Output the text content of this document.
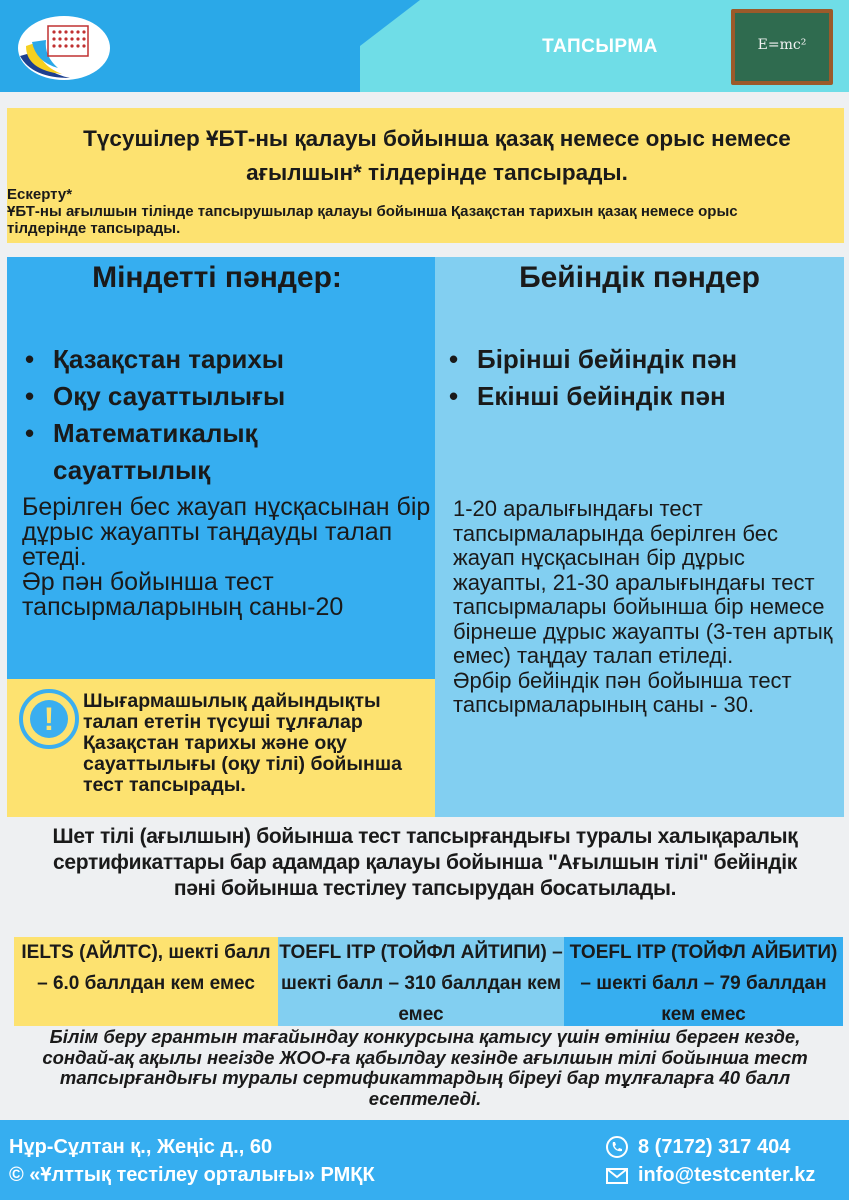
ТАПСЫРМА	E=mc²
Түсушілер ҰБТ-ны қалауы бойынша қазақ немесе орыс немесе ағылшын* тілдерінде тапсырады.
Ескерту*
ҰБТ-ны ағылшын тілінде тапсырушылар қалауы бойынша Қазақстан тарихын қазақ немесе орыс тілдерінде тапсырады.
Міндетті пәндер:
• Қазақстан тарихы
• Оқу сауаттылығы
• Математикалық сауаттылық
Берілген бес жауап нұсқасынан бір дұрыс жауапты таңдауды талап етеді.
Әр пән бойынша тест тапсырмаларының саны-20
Бейіндік пәндер
• Бірінші бейіндік пән
• Екінші бейіндік пән
1-20 аралығындағы тест тапсырмаларында берілген бес жауап нұсқасынан бір дұрыс жауапты, 21-30 аралығындағы тест тапсырмалары бойынша бір немесе бірнеше дұрыс жауапты (3-тен артық емес) таңдау талап етіледі.
Әрбір бейіндік пән бойынша тест тапсырмаларының саны - 30.
!	Шығармашылық дайындықты талап ететін түсуші тұлғалар Қазақстан тарихы және оқу сауаттылығы (оқу тілі) бойынша тест тапсырады.
Шет тілі (ағылшын) бойынша тест тапсырғандығы туралы халықаралық сертификаттары бар адамдар қалауы бойынша "Ағылшын тілі" бейіндік пәні бойынша тестілеу тапсырудан босатылады.
IELTS (АЙЛТС), шекті балл – 6.0 баллдан кем емес
TOEFL ITP (ТОЙФЛ АЙТИПИ) – шекті балл – 310 баллдан кем емес
TOEFL ITP (ТОЙФЛ АЙБИТИ) – шекті балл – 79 баллдан кем емес
Білім беру грантын тағайындау конкурсына қатысу үшін өтініш берген кезде, сондай-ақ ақылы негізде ЖОО-ға қабылдау кезінде ағылшын тілі бойынша тест тапсырғандығы туралы сертификаттардың біреуі бар тұлғаларға 40 балл есептеледі.
Нұр-Сұлтан қ., Жеңіс д., 60
© «Ұлттық тестілеу орталығы» РМҚК
8 (7172) 317 404
info@testcenter.kz
